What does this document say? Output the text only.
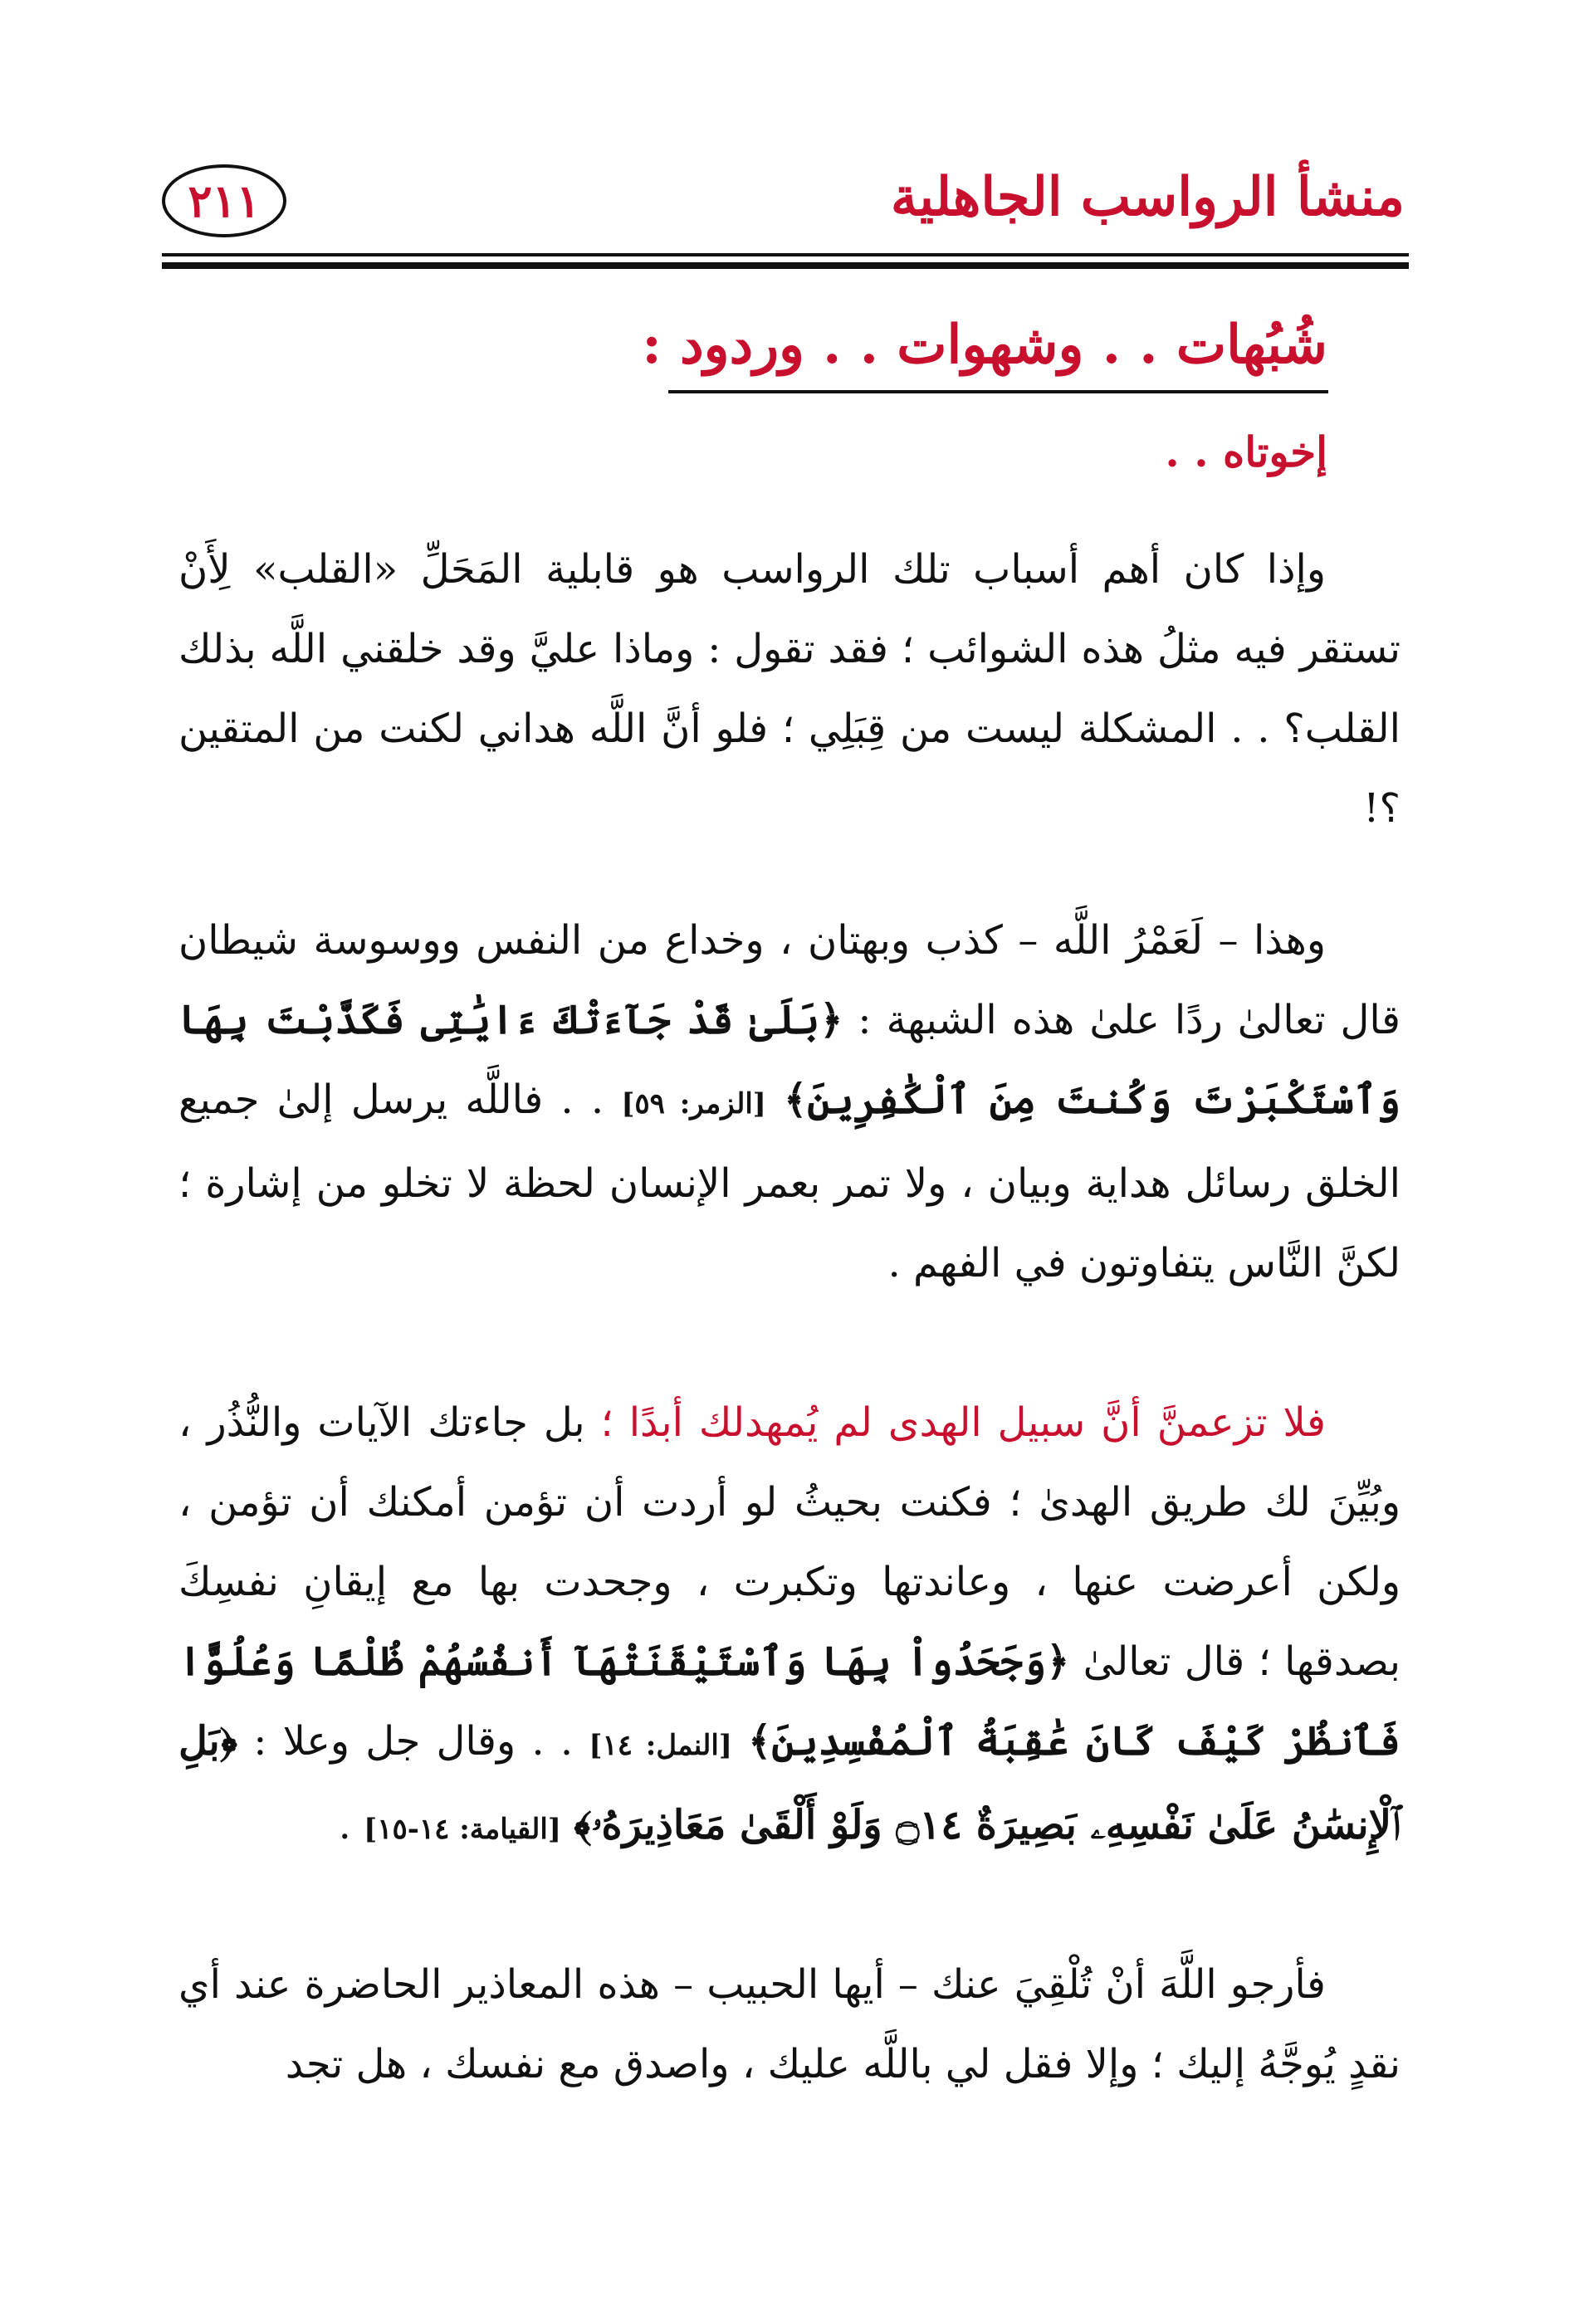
منشأ الرواسب الجاهلية
٢١١
شُبُهات . . وشهوات . . وردود :
إخوتاه . .
وإذا كان أهم أسباب تلك الرواسب هو قابلية المَحَلِّ «القلب» لِأَنْ تستقر فيه مثلُ هذه الشوائب ؛ فقد تقول : وماذا عليَّ وقد خلقني اللَّه بذلك القلب؟ . . المشكلة ليست من قِبَلِي ؛ فلو أنَّ اللَّه هداني لكنت من المتقين ؟!
وهذا – لَعَمْرُ اللَّه – كذب وبهتان ، وخداع من النفس ووسوسة شيطان قال تعالىٰ ردًا علىٰ هذه الشبهة : ﴿بَلَىٰ قَدْ جَآءَتْكَ ءَايَٰتِى فَكَذَّبْتَ بِهَا وَٱسْتَكْبَرْتَ وَكُنتَ مِنَ ٱلْكَٰفِرِينَ﴾ [الزمر: ٥٩] . . فاللَّه يرسل إلىٰ جميع الخلق رسائل هداية وبيان ، ولا تمر بعمر الإنسان لحظة لا تخلو من إشارة ؛ لكنَّ النَّاس يتفاوتون في الفهم .
فلا تزعمنَّ أنَّ سبيل الهدى لم يُمهدلك أبدًا ؛ بل جاءتك الآيات والنُّذُر ، وبُيِّنَ لك طريق الهدىٰ ؛ فكنت بحيثُ لو أردت أن تؤمن أمكنك أن تؤمن ، ولكن أعرضت عنها ، وعاندتها وتكبرت ، وجحدت بها مع إيقانِ نفسِكَ بصدقها ؛ قال تعالىٰ ﴿وَجَحَدُواْ بِهَا وَٱسْتَيْقَنَتْهَآ أَنفُسُهُمْ ظُلْمًا وَعُلُوًّا فَٱنظُرْ كَيْفَ كَانَ عَٰقِبَةُ ٱلْمُفْسِدِينَ﴾ [النمل: ١٤] . . وقال جل وعلا : ﴿بَلِ ٱلْإِنسَٰنُ عَلَىٰ نَفْسِهِۦ بَصِيرَةٌ ۝١٤ وَلَوْ أَلْقَىٰ مَعَاذِيرَهُۥ﴾ [القيامة: ١٤-١٥] .
فأرجو اللَّهَ أنْ تُلْقِيَ عنك – أيها الحبيب – هذه المعاذير الحاضرة عند أي نقدٍ يُوجَّهُ إليك ؛ وإلا فقل لي باللَّه عليك ، واصدق مع نفسك ، هل تجد
